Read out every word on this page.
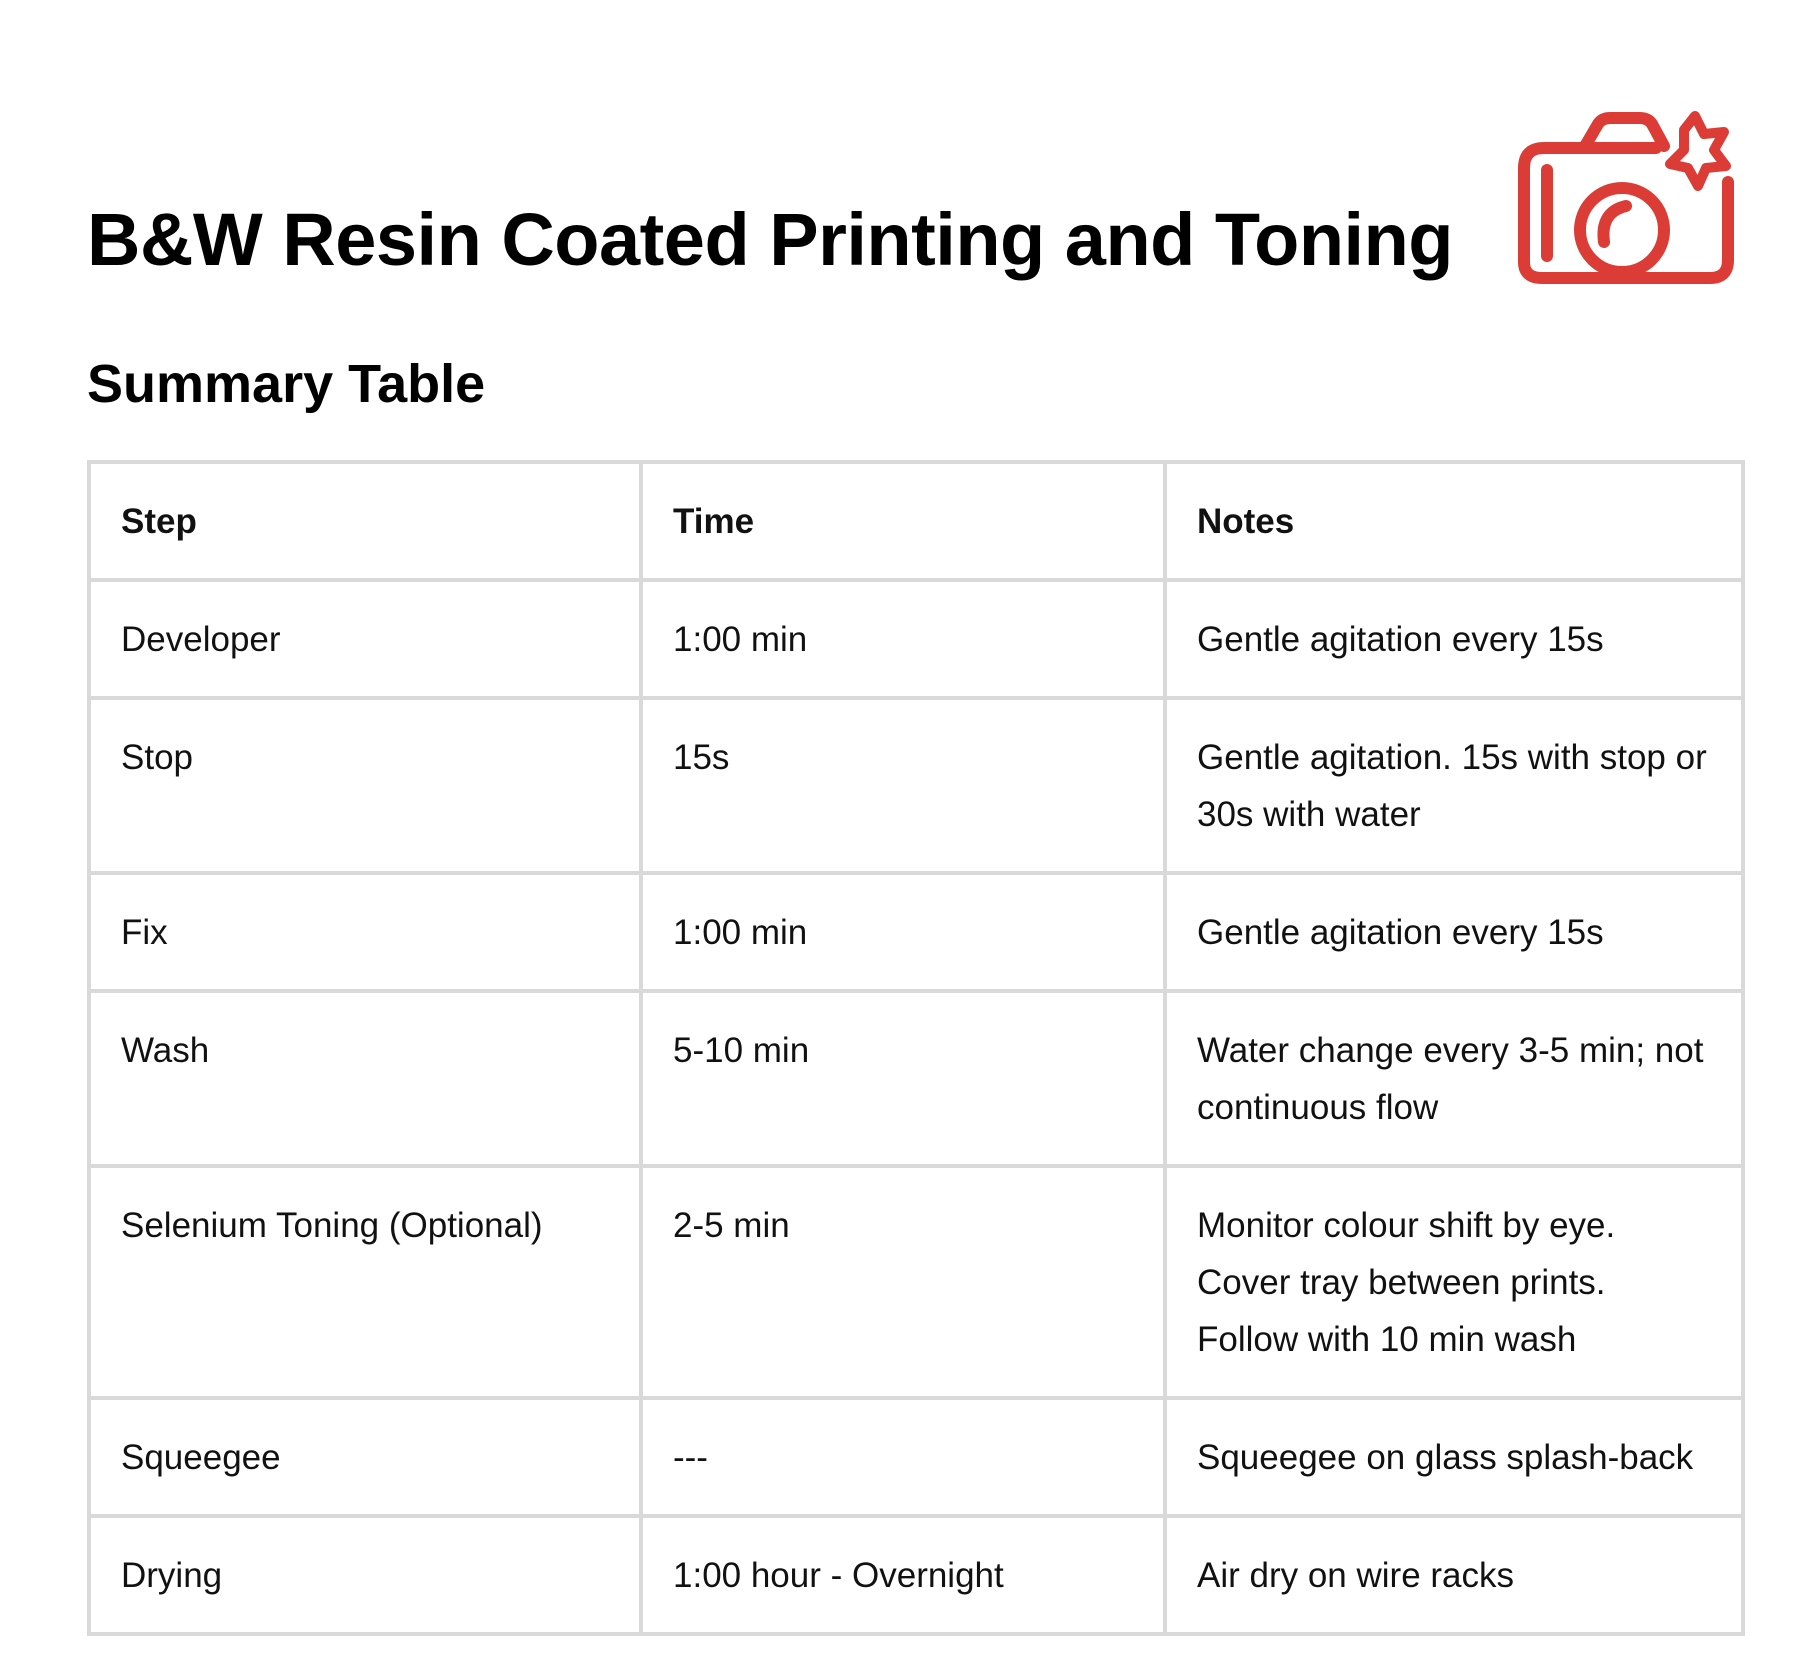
B&W Resin Coated Printing and Toning
Summary Table
Step	Time	Notes
Developer	1:00 min	Gentle agitation every 15s
Stop	15s	Gentle agitation. 15s with stop or 30s with water
Fix	1:00 min	Gentle agitation every 15s
Wash	5-10 min	Water change every 3-5 min; not continuous flow
Selenium Toning (Optional)	2-5 min	Monitor colour shift by eye. Cover tray between prints. Follow with 10 min wash
Squeegee	---	Squeegee on glass splash-back
Drying	1:00 hour - Overnight	Air dry on wire racks
